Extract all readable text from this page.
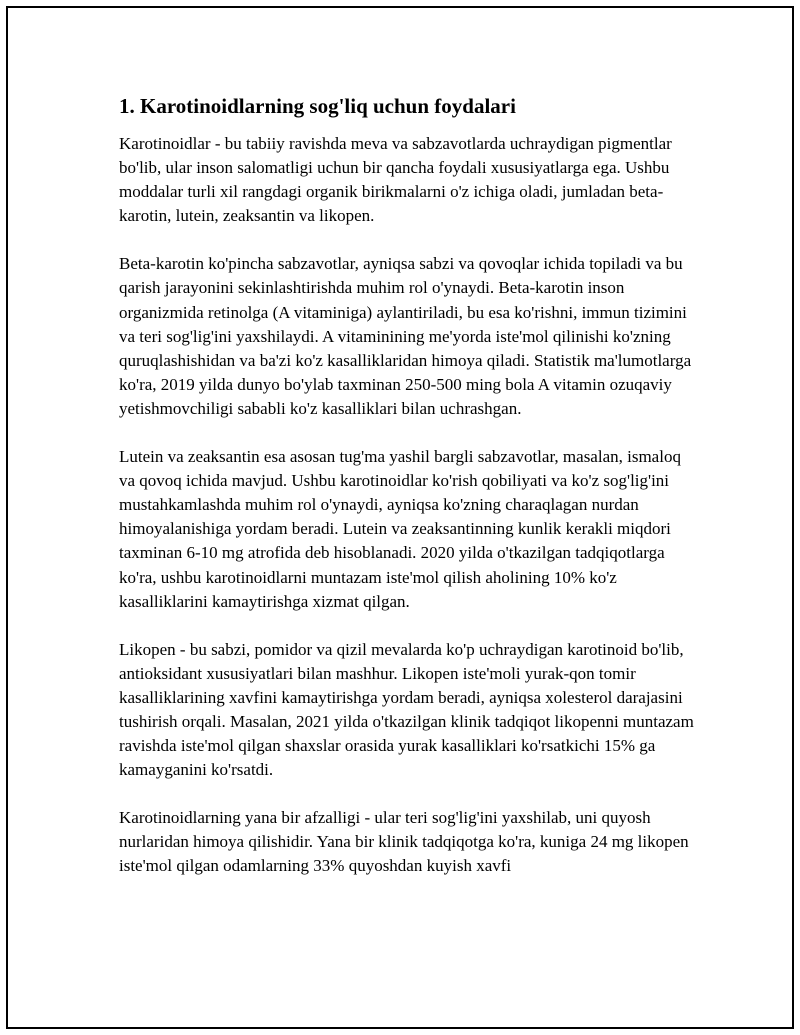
1. Karotinoidlarning sog'liq uchun foydalari

Karotinoidlar - bu tabiiy ravishda meva va sabzavotlarda uchraydigan pigmentlar bo'lib, ular inson salomatligi uchun bir qancha foydali xususiyatlarga ega. Ushbu moddalar turli xil rangdagi organik birikmalarni o'z ichiga oladi, jumladan beta-karotin, lutein, zeaksantin va likopen.

Beta-karotin ko'pincha sabzavotlar, ayniqsa sabzi va qovoqlar ichida topiladi va bu qarish jarayonini sekinlashtirishda muhim rol o'ynaydi. Beta-karotin inson organizmida retinolga (A vitaminiga) aylantiriladi, bu esa ko'rishni, immun tizimini va teri sog'lig'ini yaxshilaydi. A vitaminining me'yorda iste'mol qilinishi ko'zning quruqlashishidan va ba'zi ko'z kasalliklaridan himoya qiladi. Statistik ma'lumotlarga ko'ra, 2019 yilda dunyo bo'ylab taxminan 250-500 ming bola A vitamin ozuqaviy yetishmovchiligi sababli ko'z kasalliklari bilan uchrashgan.

Lutein va zeaksantin esa asosan tug'ma yashil bargli sabzavotlar, masalan, ismaloq va qovoq ichida mavjud. Ushbu karotinoidlar ko'rish qobiliyati va ko'z sog'lig'ini mustahkamlashda muhim rol o'ynaydi, ayniqsa ko'zning charaqlagan nurdan himoyalanishiga yordam beradi. Lutein va zeaksantinning kunlik kerakli miqdori taxminan 6-10 mg atrofida deb hisoblanadi. 2020 yilda o'tkazilgan tadqiqotlarga ko'ra, ushbu karotinoidlarni muntazam iste'mol qilish aholining 10% ko'z kasalliklarini kamaytirishga xizmat qilgan.

Likopen - bu sabzi, pomidor va qizil mevalarda ko'p uchraydigan karotinoid bo'lib, antioksidant xususiyatlari bilan mashhur. Likopen iste'moli yurak-qon tomir kasalliklarining xavfini kamaytirishga yordam beradi, ayniqsa xolesterol darajasini tushirish orqali. Masalan, 2021 yilda o'tkazilgan klinik tadqiqot likopenni muntazam ravishda iste'mol qilgan shaxslar orasida yurak kasalliklari ko'rsatkichi 15% ga kamayganini ko'rsatdi.

Karotinoidlarning yana bir afzalligi - ular teri sog'lig'ini yaxshilab, uni quyosh nurlaridan himoya qilishidir. Yana bir klinik tadqiqotga ko'ra, kuniga 24 mg likopen iste'mol qilgan odamlarning 33% quyoshdan kuyish xavfi
